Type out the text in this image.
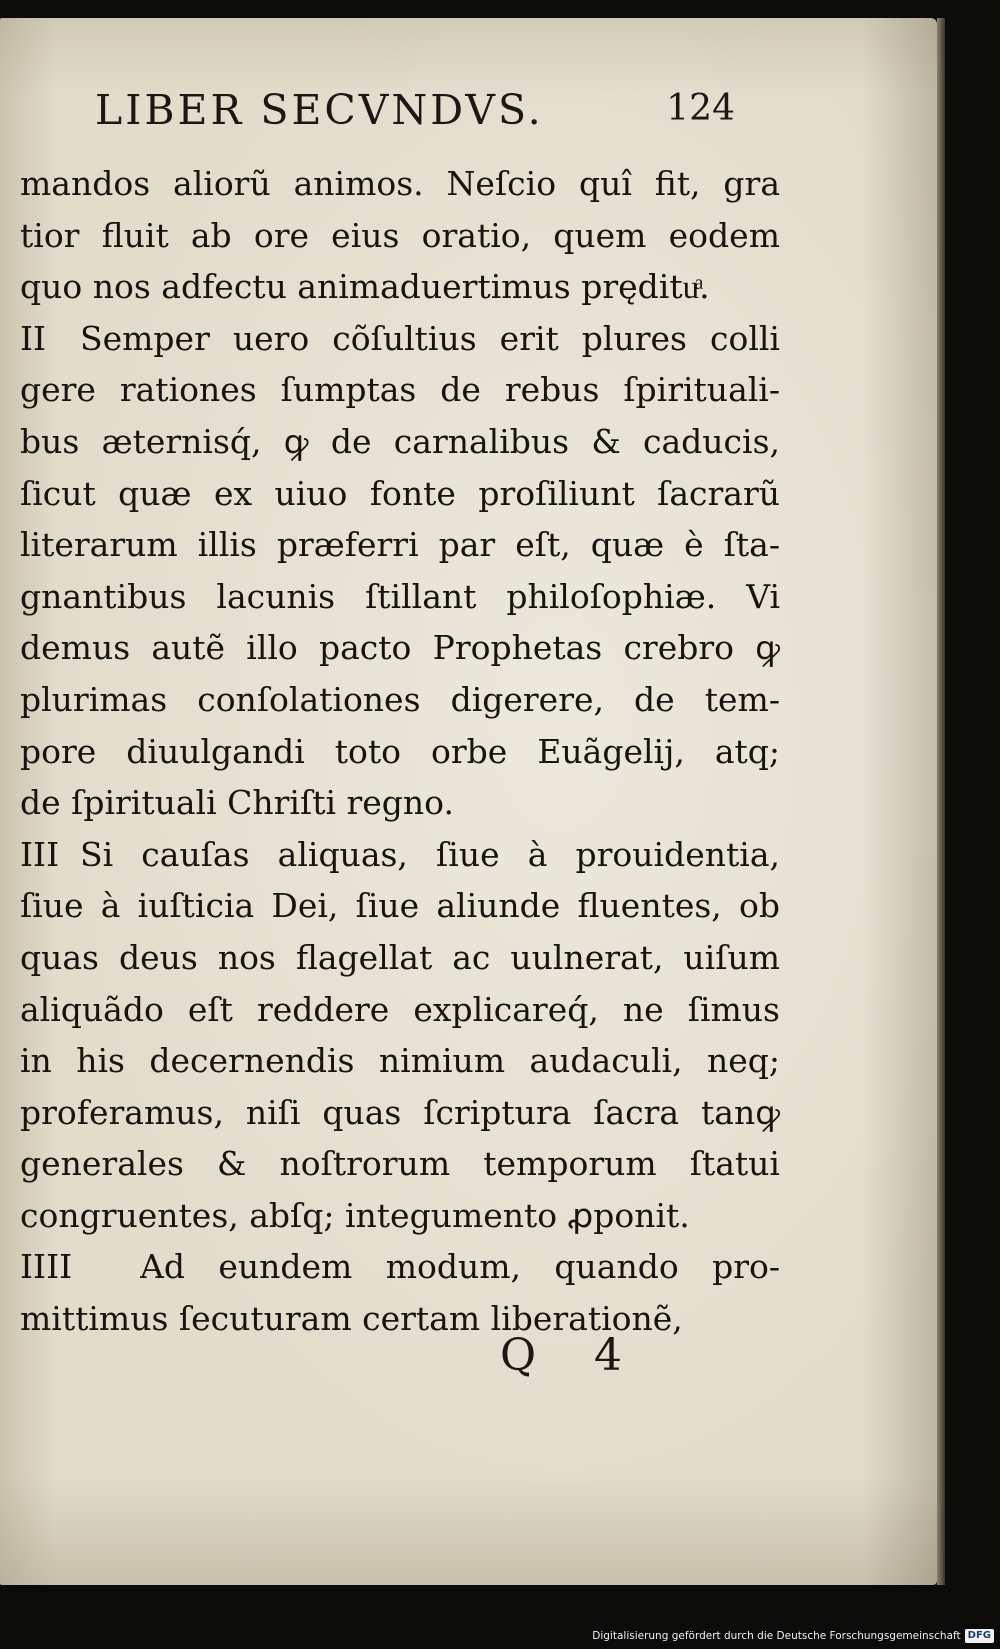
LIBER SECVNDVS.	124
mandos aliorũ animos. Neſcio quî fit, gra
tior fluit ab ore eius oratio, quem eodem
quo nos adfectu animaduertimus prędituͣ.
II	Semper uero cõſultius erit plures colli
gere rationes ſumptas de rebus ſpirituali-
bus æternisq́, ꝙ de carnalibus & caducis,
ſicut quæ ex uiuo fonte proſiliunt ſacrarũ
literarum illis præferri par eſt, quæ è ſta-
gnantibus lacunis ſtillant philoſophiæ. Vi
demus autẽ illo pacto Prophetas crebro ꝙ
plurimas conſolationes digerere, de tem-
pore diuulgandi toto orbe Euãgelij, atq;
de ſpirituali Chriſti regno.
III Si cauſas aliquas, ſiue à prouidentia,
ſiue à iuſticia Dei, ſiue aliunde fluentes, ob
quas deus nos flagellat ac uulnerat, uiſum
aliquãdo eſt reddere explicareq́, ne ſimus
in his decernendis nimium audaculi, neq;
proferamus, niſi quas ſcriptura ſacra tanꝙ
generales & noſtrorum temporum ſtatui
congruentes, abſq; integumento ꝓponit.
IIII	Ad eundem modum, quando pro-
mittimus ſecuturam certam liberationẽ,
Q 4
Digitalisierung gefördert durch die Deutsche Forschungsgemeinschaft DFG
